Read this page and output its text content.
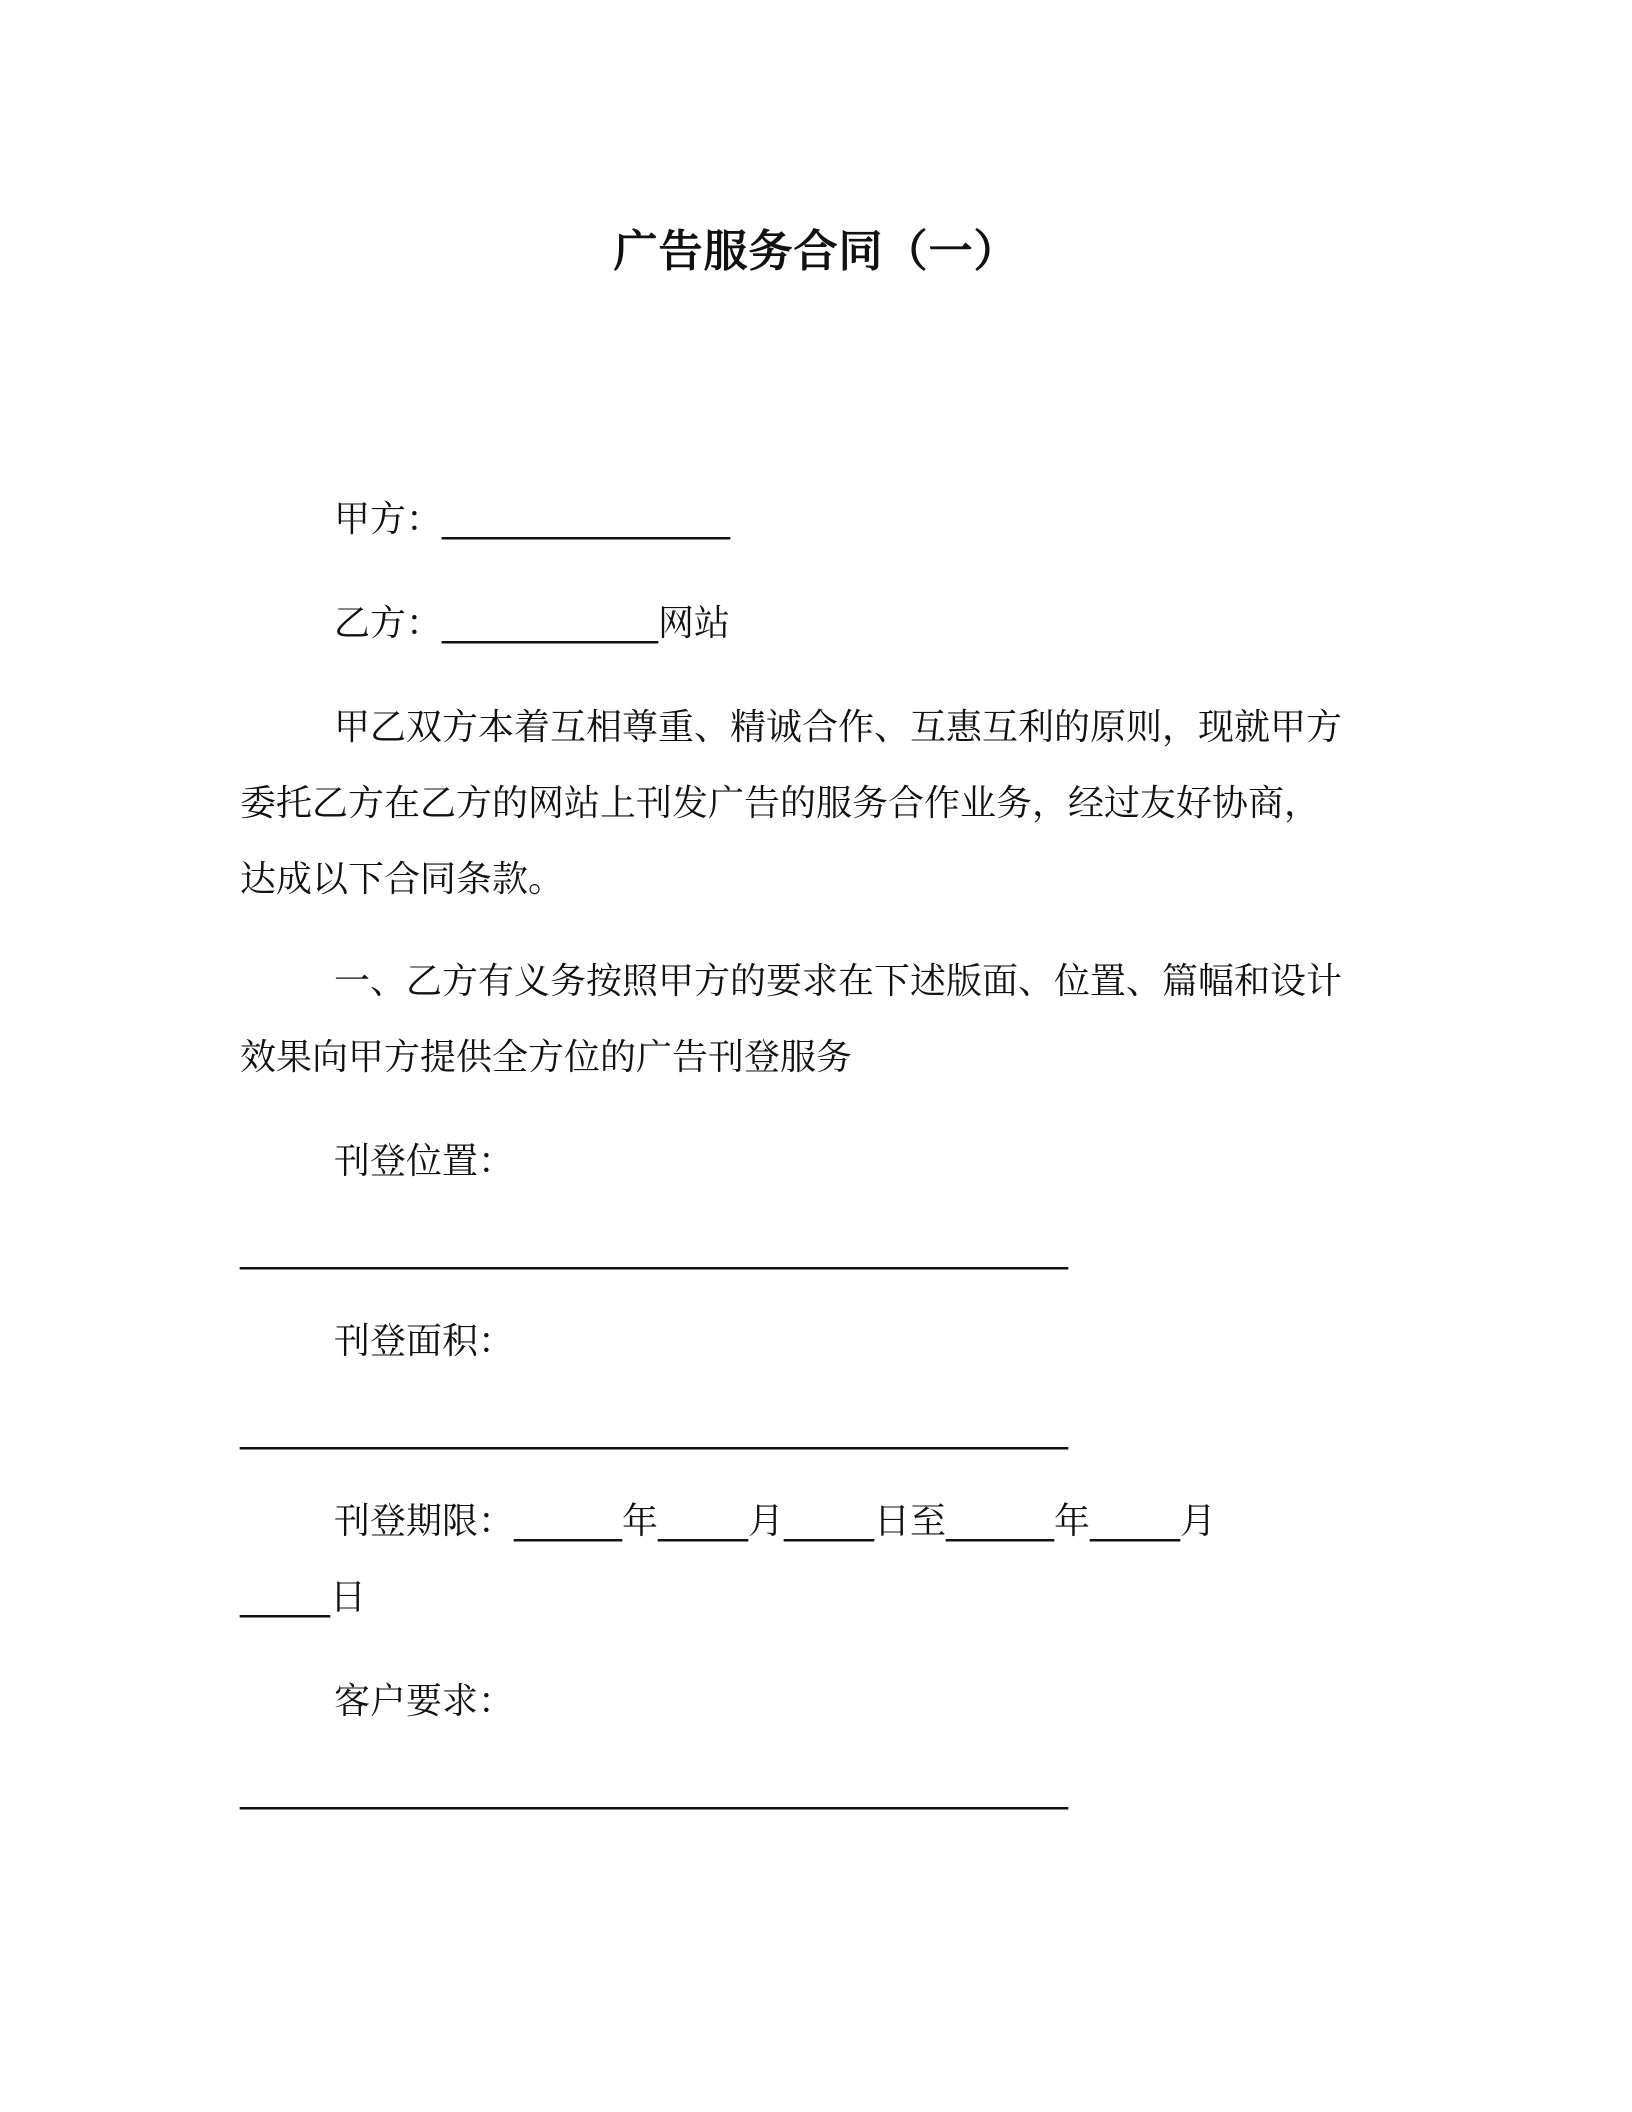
广告服务合同（一）
甲方：________________
乙方：____________网站
甲乙双方本着互相尊重、精诚合作、互惠互利的原则，现就甲方
委托乙方在乙方的网站上刊发广告的服务合作业务，经过友好协商，
达成以下合同条款。
一、乙方有义务按照甲方的要求在下述版面、位置、篇幅和设计
效果向甲方提供全方位的广告刊登服务
刊登位置：
______________________________________________
刊登面积：
______________________________________________
刊登期限：______年_____月_____日至______年_____月
_____日
客户要求：
______________________________________________
